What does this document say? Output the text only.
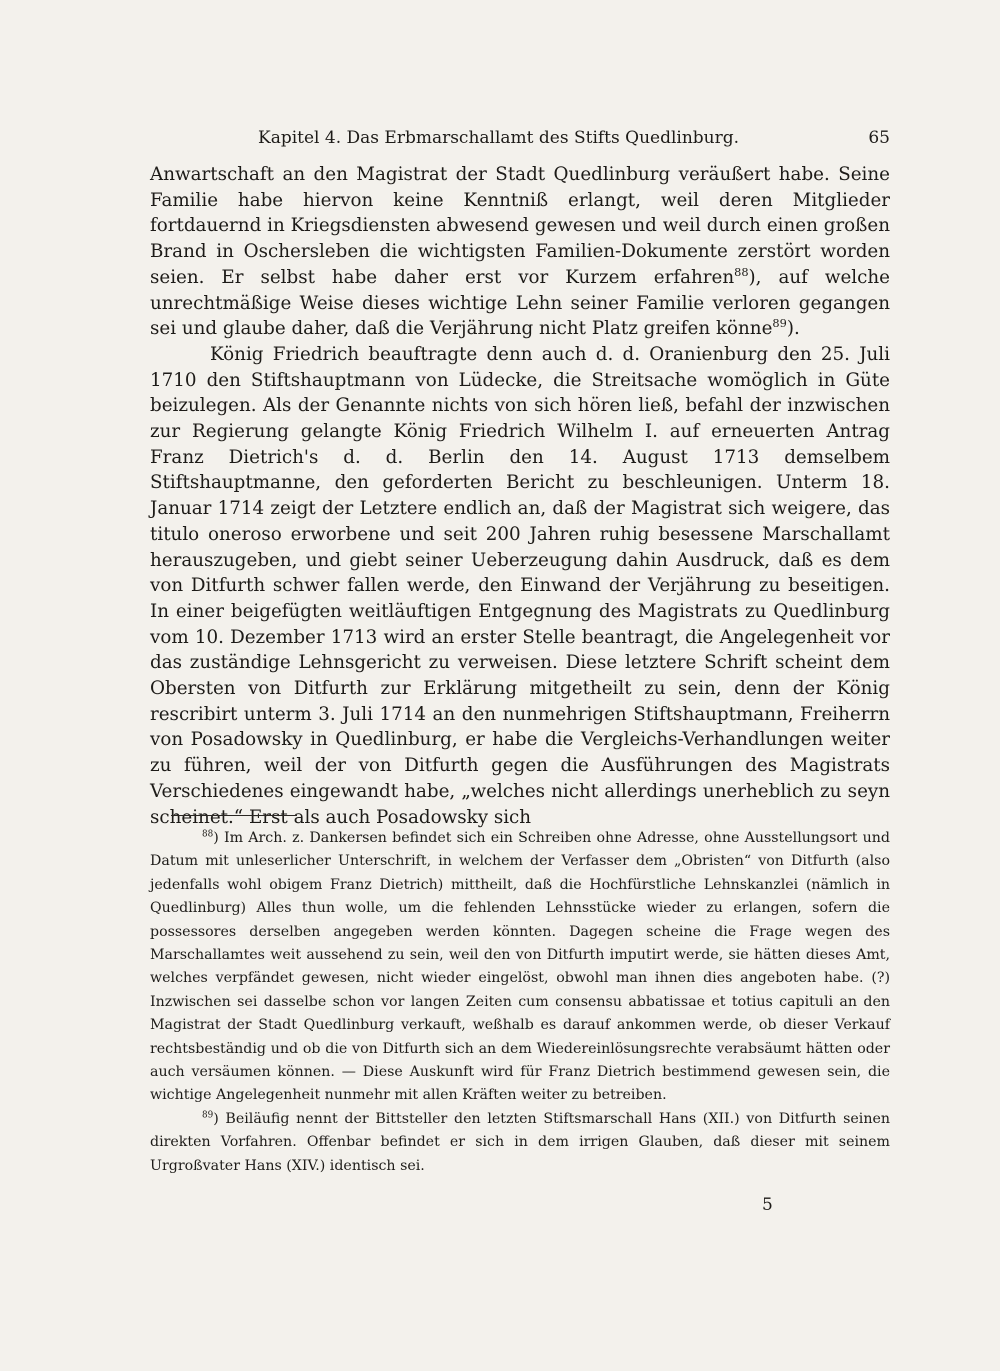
Kapitel 4. Das Erbmarschallamt des Stifts Quedlinburg.	65

Anwartschaft an den Magistrat der Stadt Quedlinburg veräußert habe. Seine Familie habe hiervon keine Kenntniß erlangt, weil deren Mitglieder fortdauernd in Kriegsdiensten abwesend gewesen und weil durch einen großen Brand in Oschersleben die wichtigsten Familien-Dokumente zerstört worden seien. Er selbst habe daher erst vor Kurzem erfahren$^{88}$), auf welche unrechtmäßige Weise dieses wichtige Lehn seiner Familie verloren gegangen sei und glaube daher, daß die Verjährung nicht Platz greifen könne$^{89}$).

König Friedrich beauftragte denn auch d. d. Oranienburg den 25. Juli 1710 den Stiftshauptmann von Lüdecke, die Streitsache womöglich in Güte beizulegen. Als der Genannte nichts von sich hören ließ, befahl der inzwischen zur Regierung gelangte König Friedrich Wilhelm I. auf erneuerten Antrag Franz Dietrich's d. d. Berlin den 14. August 1713 demselbem Stiftshauptmanne, den geforderten Bericht zu beschleunigen. Unterm 18. Januar 1714 zeigt der Letztere endlich an, daß der Magistrat sich weigere, das titulo oneroso erworbene und seit 200 Jahren ruhig besessene Marschallamt herauszugeben, und giebt seiner Ueberzeugung dahin Ausdruck, daß es dem von Ditfurth schwer fallen werde, den Einwand der Verjährung zu beseitigen. In einer beigefügten weitläuftigen Entgegnung des Magistrats zu Quedlinburg vom 10. Dezember 1713 wird an erster Stelle beantragt, die Angelegenheit vor das zuständige Lehnsgericht zu verweisen. Diese letztere Schrift scheint dem Obersten von Ditfurth zur Erklärung mitgetheilt zu sein, denn der König rescribirt unterm 3. Juli 1714 an den nunmehrigen Stiftshauptmann, Freiherrn von Posadowsky in Quedlinburg, er habe die Vergleichs-Verhandlungen weiter zu führen, weil der von Ditfurth gegen die Ausführungen des Magistrats Verschiedenes eingewandt habe, „welches nicht allerdings unerheblich zu seyn scheinet.“ Erst als auch Posadowsky sich

$^{88}$) Im Arch. z. Dankersen befindet sich ein Schreiben ohne Adresse, ohne Ausstellungsort und Datum mit unleserlicher Unterschrift, in welchem der Verfasser dem „Obristen“ von Ditfurth (also jedenfalls wohl obigem Franz Dietrich) mittheilt, daß die Hochfürstliche Lehnskanzlei (nämlich in Quedlinburg) Alles thun wolle, um die fehlenden Lehnsstücke wieder zu erlangen, sofern die possessores derselben angegeben werden könnten. Dagegen scheine die Frage wegen des Marschallamtes weit aussehend zu sein, weil den von Ditfurth imputirt werde, sie hätten dieses Amt, welches verpfändet gewesen, nicht wieder eingelöst, obwohl man ihnen dies angeboten habe. (?) Inzwischen sei dasselbe schon vor langen Zeiten cum consensu abbatissae et totius capituli an den Magistrat der Stadt Quedlinburg verkauft, weßhalb es darauf ankommen werde, ob dieser Verkauf rechtsbeständig und ob die von Ditfurth sich an dem Wiedereinlösungsrechte verabsäumt hätten oder auch versäumen können. — Diese Auskunft wird für Franz Dietrich bestimmend gewesen sein, die wichtige Angelegenheit nunmehr mit allen Kräften weiter zu betreiben.

$^{89}$) Beiläufig nennt der Bittsteller den letzten Stiftsmarschall Hans (XII.) von Ditfurth seinen direkten Vorfahren. Offenbar befindet er sich in dem irrigen Glauben, daß dieser mit seinem Urgroßvater Hans (XIV.) identisch sei.

5
